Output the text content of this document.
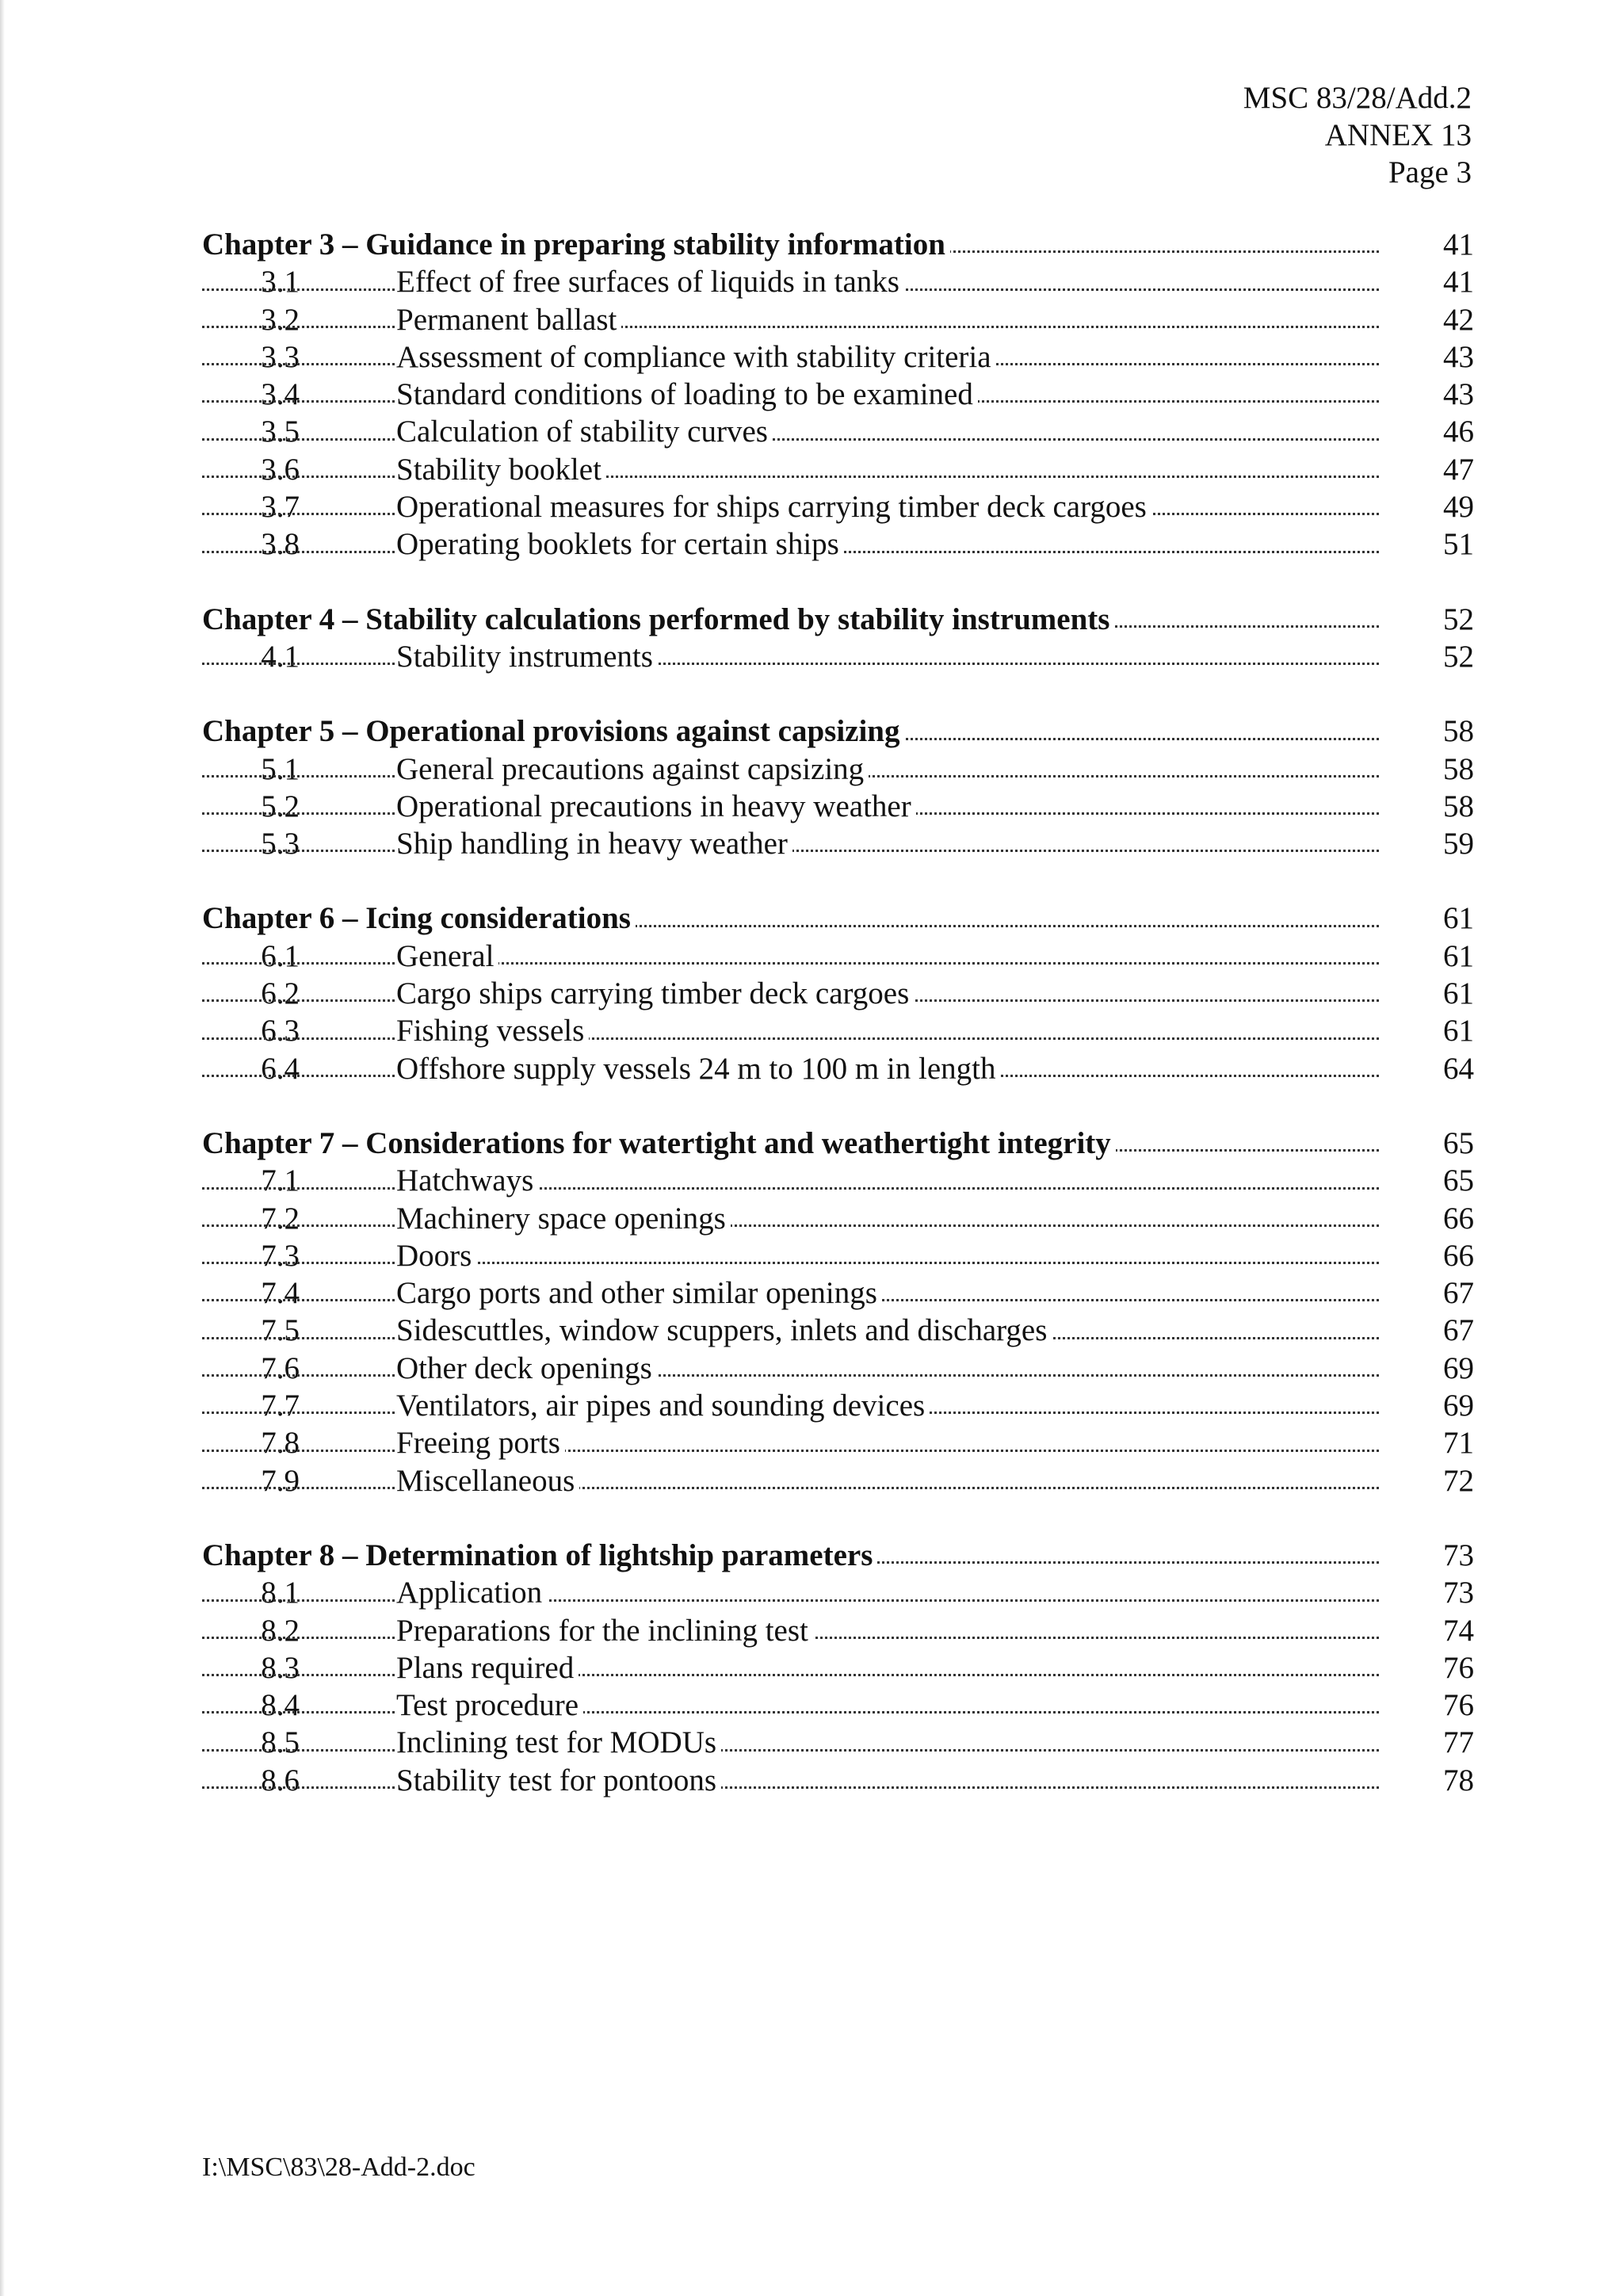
MSC 83/28/Add.2
ANNEX 13
Page 3
Chapter 3 – Guidance in preparing stability information	41
3.1	Effect of free surfaces of liquids in tanks	41
3.2	Permanent ballast	42
3.3	Assessment of compliance with stability criteria	43
3.4	Standard conditions of loading to be examined	43
3.5	Calculation of stability curves	46
3.6	Stability booklet	47
3.7	Operational measures for ships carrying timber deck cargoes	49
3.8	Operating booklets for certain ships	51
Chapter 4 – Stability calculations performed by stability instruments	52
4.1	Stability instruments	52
Chapter 5 – Operational provisions against capsizing	58
5.1	General precautions against capsizing	58
5.2	Operational precautions in heavy weather	58
5.3	Ship handling in heavy weather	59
Chapter 6 – Icing considerations	61
6.1	General	61
6.2	Cargo ships carrying timber deck cargoes	61
6.3	Fishing vessels	61
6.4	Offshore supply vessels 24 m to 100 m in length	64
Chapter 7 – Considerations for watertight and weathertight integrity	65
7.1	Hatchways	65
7.2	Machinery space openings	66
7.3	Doors	66
7.4	Cargo ports and other similar openings	67
7.5	Sidescuttles, window scuppers, inlets and discharges	67
7.6	Other deck openings	69
7.7	Ventilators, air pipes and sounding devices	69
7.8	Freeing ports	71
7.9	Miscellaneous	72
Chapter 8 – Determination of lightship parameters	73
8.1	Application	73
8.2	Preparations for the inclining test	74
8.3	Plans required	76
8.4	Test procedure	76
8.5	Inclining test for MODUs	77
8.6	Stability test for pontoons	78
I:\MSC\83\28-Add-2.doc
